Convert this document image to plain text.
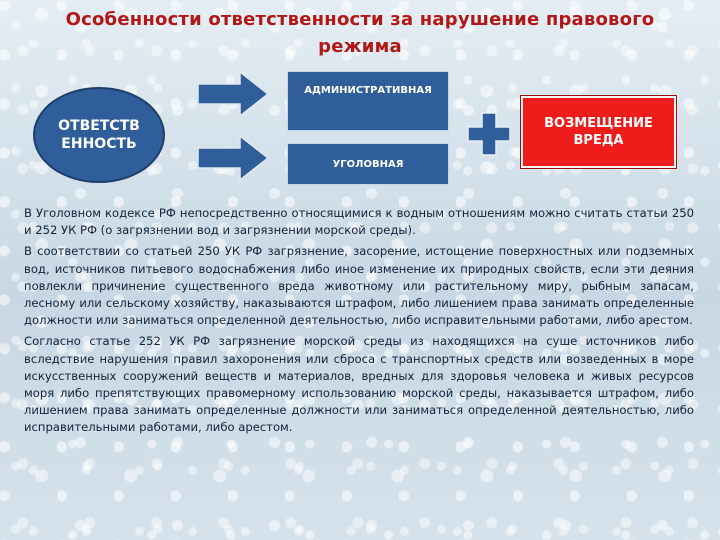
Особенности ответственности за нарушение правового режима
ОТВЕТСТВ ЕННОСТЬ
АДМИНИСТРАТИВНАЯ
УГОЛОВНАЯ
ВОЗМЕЩЕНИЕ ВРЕДА

В Уголовном кодексе РФ непосредственно относящимися к водным отношениям можно считать статьи 250 и 252 УК РФ (о загрязнении вод и загрязнении морской среды).

В соответствии со статьей 250 УК РФ загрязнение, засорение, истощение поверхностных или подземных вод, источников питьевого водоснабжения либо иное изменение их природных свойств, если эти деяния повлекли причинение существенного вреда животному или растительному миру, рыбным запасам, лесному или сельскому хозяйству, наказываются штрафом, либо лишением права занимать определенные должности или заниматься определенной деятельностью, либо исправительными работами, либо арестом.

Согласно статье 252 УК РФ загрязнение морской среды из находящихся на суше источников либо вследствие нарушения правил захоронения или сброса с транспортных средств или возведенных в море искусственных сооружений веществ и материалов, вредных для здоровья человека и живых ресурсов моря либо препятствующих правомерному использованию морской среды, наказывается штрафом, либо лишением права занимать определенные должности или заниматься определенной деятельностью, либо исправительными работами, либо арестом.
